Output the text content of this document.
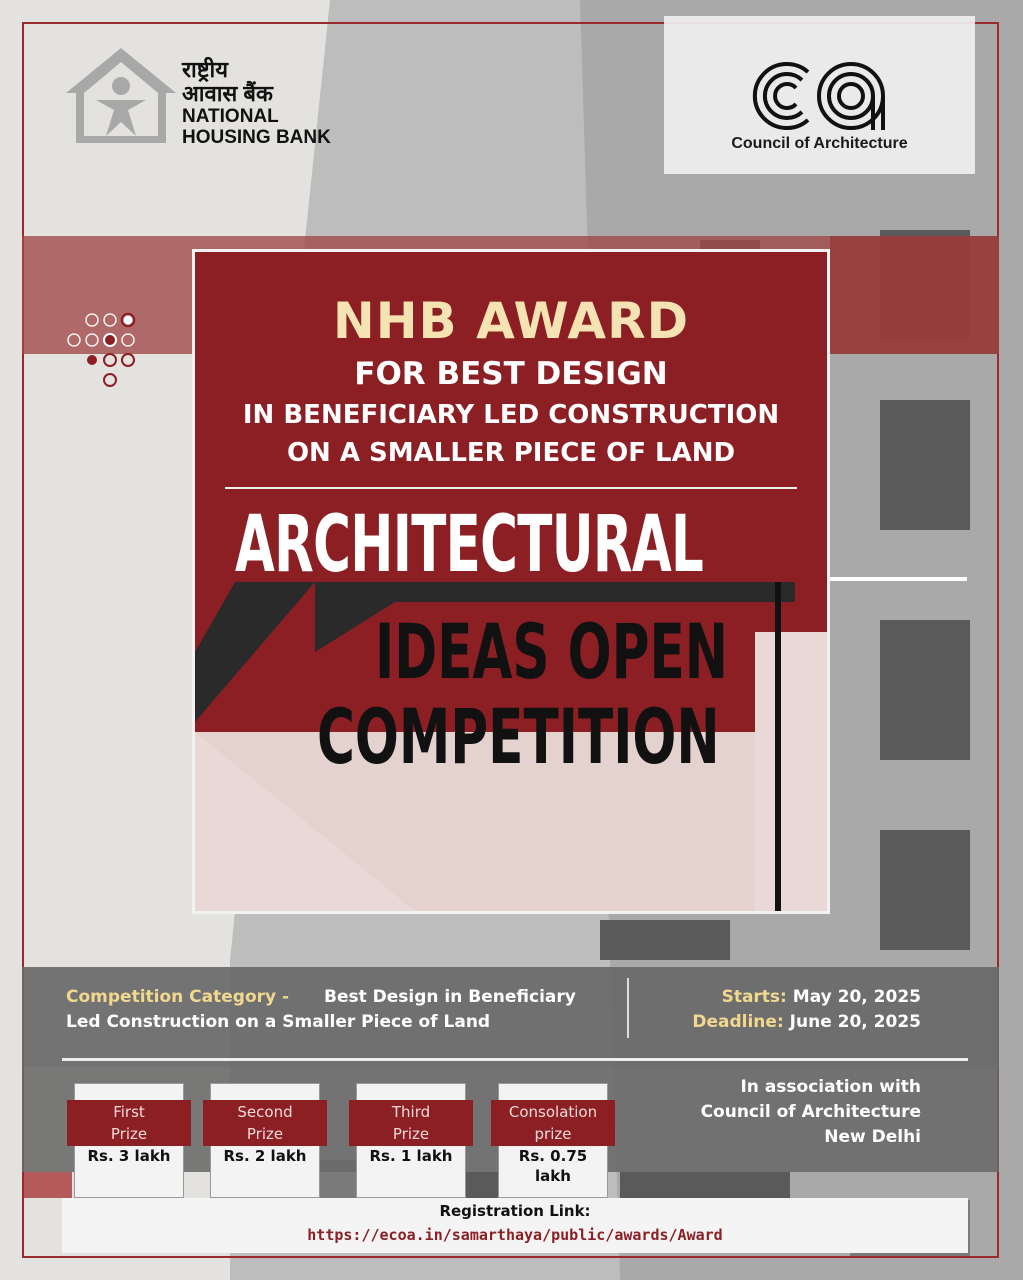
राष्ट्रीय
आवास बैंक
NATIONAL
HOUSING BANK	Council of Architecture
NHB AWARD
FOR BEST DESIGN
IN BENEFICIARY LED CONSTRUCTION
ON A SMALLER PIECE OF LAND
ARCHITECTURAL
IDEAS OPEN
COMPETITION
Competition Category - Best Design in Beneficiary
Led Construction on a Smaller Piece of Land
Starts: May 20, 2025
Deadline: June 20, 2025
First
Prize
Rs. 3 lakh
Second
Prize
Rs. 2 lakh
Third
Prize
Rs. 1 lakh
Consolation
prize
Rs. 0.75
lakh
In association with
Council of Architecture
New Delhi
Registration Link:
https://ecoa.in/samarthaya/public/awards/Award
